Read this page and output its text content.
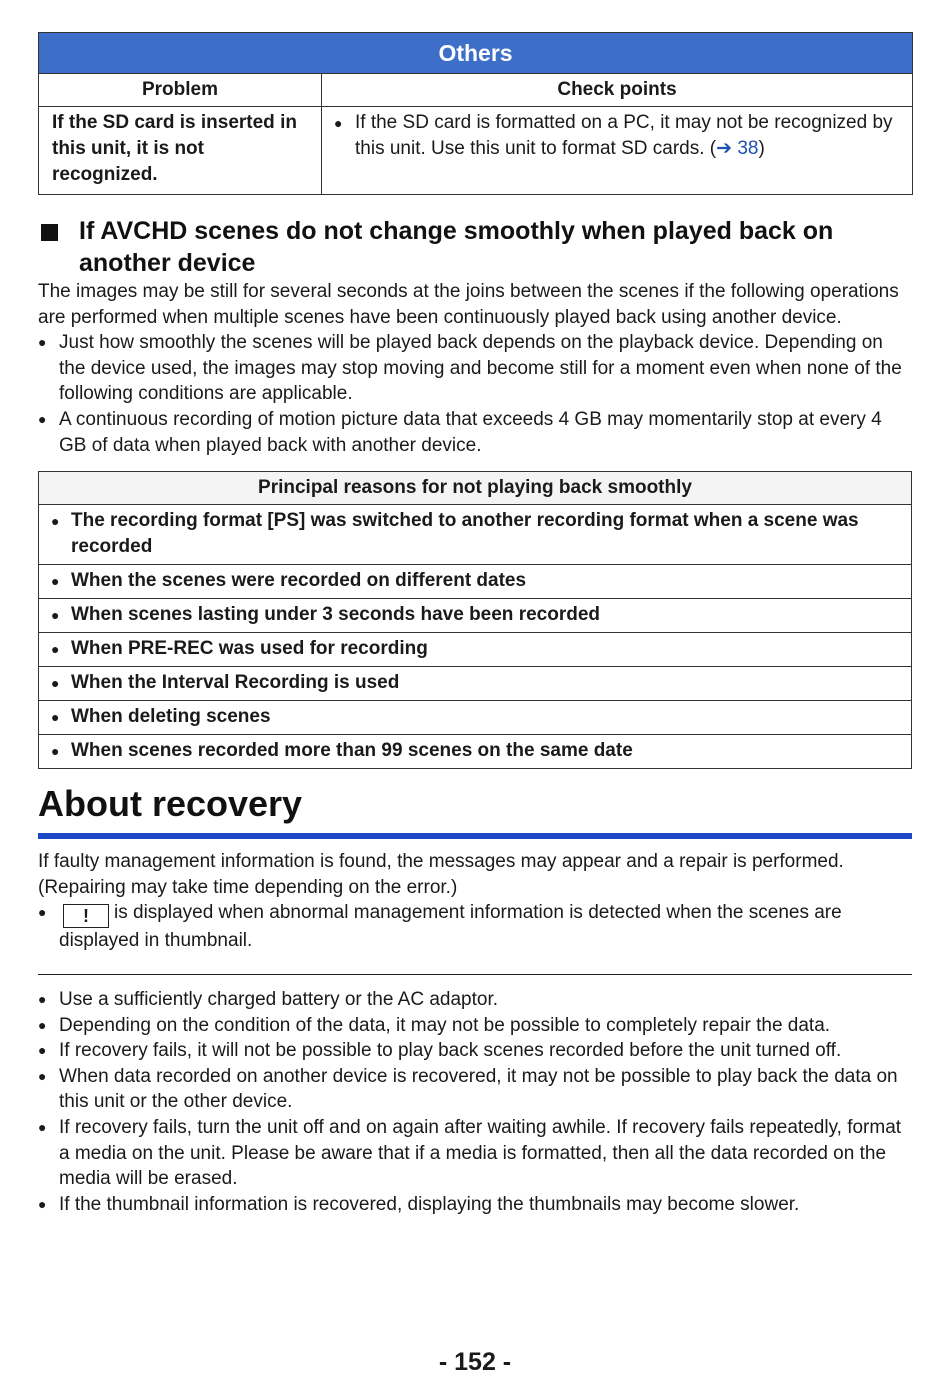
Others	
Problem	Check points
If the SD card is inserted in this unit, it is not recognized.	● If the SD card is formatted on a PC, it may not be recognized by this unit. Use this unit to format SD cards. (➔ 38)
If AVCHD scenes do not change smoothly when played back on another device

The images may be still for several seconds at the joins between the scenes if the following operations are performed when multiple scenes have been continuously played back using another device.

● Just how smoothly the scenes will be played back depends on the playback device. Depending on the device used, the images may stop moving and become still for a moment even when none of the following conditions are applicable.
● A continuous recording of motion picture data that exceeds 4 GB may momentarily stop at every 4 GB of data when played back with another device.
Principal reasons for not playing back smoothly

● The recording format [PS] was switched to another recording format when a scene was recorded

● When the scenes were recorded on different dates

● When scenes lasting under 3 seconds have been recorded

● When PRE-REC was used for recording

● When the Interval Recording is used

● When deleting scenes

● When scenes recorded more than 99 scenes on the same date
About recovery

If faulty management information is found, the messages may appear and a repair is performed. (Repairing may take time depending on the error.)

● ! is displayed when abnormal management information is detected when the scenes are displayed in thumbnail.
● Use a sufficiently charged battery or the AC adaptor.
● Depending on the condition of the data, it may not be possible to completely repair the data.
● If recovery fails, it will not be possible to play back scenes recorded before the unit turned off.
● When data recorded on another device is recovered, it may not be possible to play back the data on this unit or the other device.
● If recovery fails, turn the unit off and on again after waiting awhile. If recovery fails repeatedly, format a media on the unit. Please be aware that if a media is formatted, then all the data recorded on the media will be erased.
● If the thumbnail information is recovered, displaying the thumbnails may become slower.
- 152 -
